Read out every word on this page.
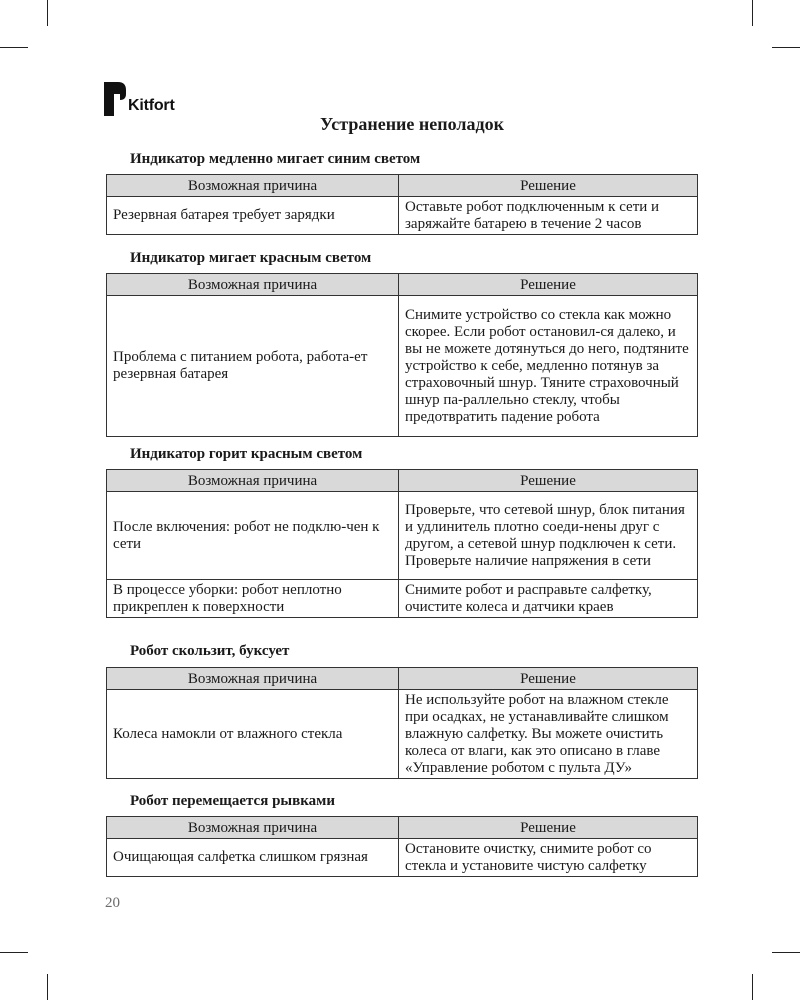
Kitfort
Устранение неполадок
Индикатор медленно мигает синим светом
Возможная причина	Решение
Резервная батарея требует зарядки	Оставьте робот подключенным к сети и заряжайте батарею в течение 2 часов
Индикатор мигает красным светом
Возможная причина	Решение
Проблема с питанием робота, работа-ет резервная батарея	Снимите устройство со стекла как можно скорее. Если робот остановил-ся далеко, и вы не можете дотянуться до него, подтяните устройство к себе, медленно потянув за страховочный шнур. Тяните страховочный шнур па-раллельно стеклу, чтобы предотвратить падение робота
Индикатор горит красным светом
Возможная причина	Решение
После включения: робот не подклю-чен к сети	Проверьте, что сетевой шнур, блок питания и удлинитель плотно соеди-нены друг с другом, а сетевой шнур подключен к сети. Проверьте наличие напряжения в сети
В процессе уборки: робот неплотно прикреплен к поверхности	Снимите робот и расправьте салфетку, очистите колеса и датчики краев
Робот скользит, буксует
Возможная причина	Решение
Колеса намокли от влажного стекла	Не используйте робот на влажном стекле при осадках, не устанавливайте слишком влажную салфетку. Вы можете очистить колеса от влаги, как это описано в главе «Управление роботом с пульта ДУ»
Робот перемещается рывками
Возможная причина	Решение
Очищающая салфетка слишком грязная	Остановите очистку, снимите робот со стекла и установите чистую салфетку
20
